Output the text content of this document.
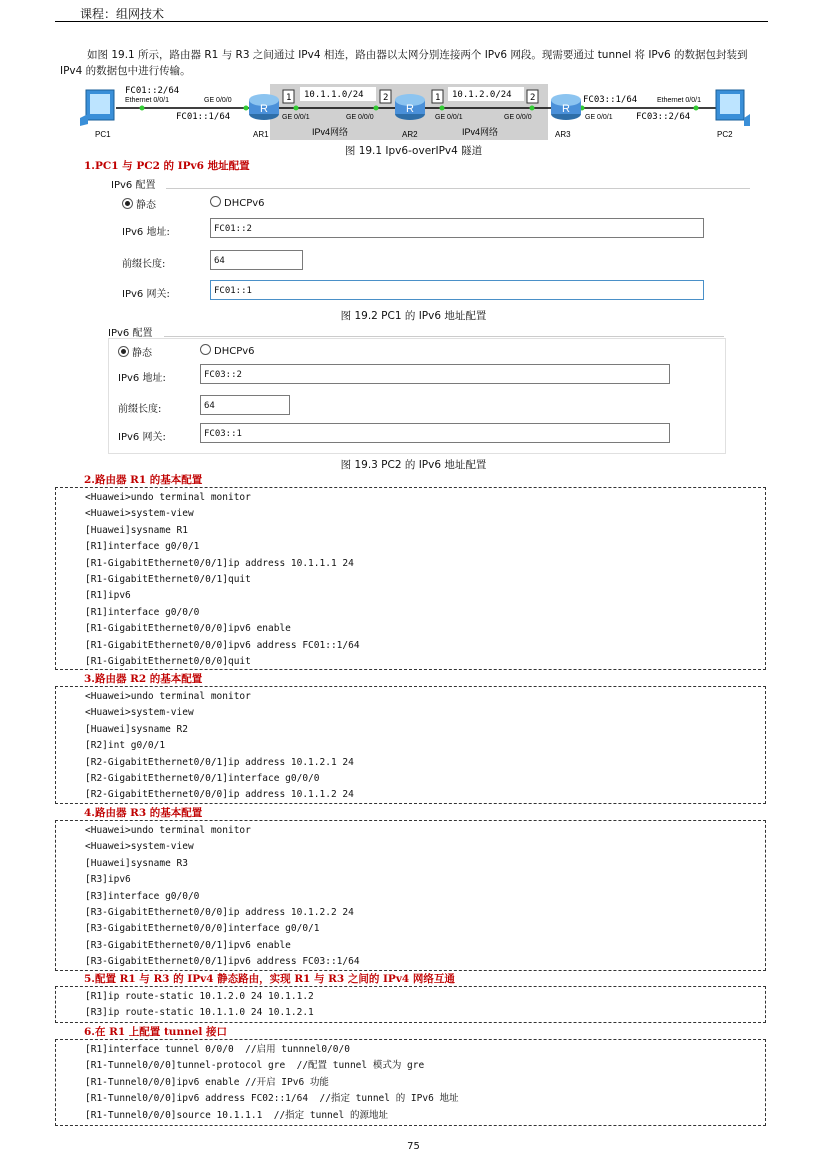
课程：组网技术
如图 19.1 所示，路由器 R1 与 R3 之间通过 IPv4 相连，路由器以太网分别连接两个 IPv6 网段。现需要通过 tunnel 将 IPv6 的数据包封装到 IPv4 的数据包中进行传输。
R	R	R
FC01::2/64
Ethernet 0/0/1	GE 0/0/0
FC01::1/64
PC1	AR1
GE 0/0/1
1 10.1.1.0/24 2
GE 0/0/0
IPv4网络	AR2
GE 0/0/1
1 10.1.2.0/24 2
IPv4网络
GE 0/0/0
AR3
FC03::1/64
GE 0/0/1
Ethernet 0/0/1
FC03::2/64
PC2
图 19.1 Ipv6-overIPv4 隧道
1.PC1 与 PC2 的 IPv6 地址配置
IPv6 配置
静态	DHCPv6
IPv6 地址:	FC01::2
前缀长度:	64
IPv6 网关:	FC01::1
图 19.2 PC1 的 IPv6 地址配置
IPv6 配置
静态	DHCPv6
IPv6 地址:	FC03::2
前缀长度:	64
IPv6 网关:	FC03::1
图 19.3 PC2 的 IPv6 地址配置
2.路由器 R1 的基本配置
<Huawei>undo terminal monitor
<Huawei>system-view
[Huawei]sysname R1
[R1]interface g0/0/1
[R1-GigabitEthernet0/0/1]ip address 10.1.1.1 24
[R1-GigabitEthernet0/0/1]quit
[R1]ipv6
[R1]interface g0/0/0
[R1-GigabitEthernet0/0/0]ipv6 enable
[R1-GigabitEthernet0/0/0]ipv6 address FC01::1/64
[R1-GigabitEthernet0/0/0]quit
3.路由器 R2 的基本配置
<Huawei>undo terminal monitor
<Huawei>system-view
[Huawei]sysname R2
[R2]int g0/0/1
[R2-GigabitEthernet0/0/1]ip address 10.1.2.1 24
[R2-GigabitEthernet0/0/1]interface g0/0/0
[R2-GigabitEthernet0/0/0]ip address 10.1.1.2 24
4.路由器 R3 的基本配置
<Huawei>undo terminal monitor
<Huawei>system-view
[Huawei]sysname R3
[R3]ipv6
[R3]interface g0/0/0
[R3-GigabitEthernet0/0/0]ip address 10.1.2.2 24
[R3-GigabitEthernet0/0/0]interface g0/0/1
[R3-GigabitEthernet0/0/1]ipv6 enable
[R3-GigabitEthernet0/0/1]ipv6 address FC03::1/64
5.配置 R1 与 R3 的 IPv4 静态路由，实现 R1 与 R3 之间的 IPv4 网络互通
[R1]ip route-static 10.1.2.0 24 10.1.1.2
[R3]ip route-static 10.1.1.0 24 10.1.2.1
6.在 R1 上配置 tunnel 接口
[R1]interface tunnel 0/0/0  //启用 tunnnel0/0/0
[R1-Tunnel0/0/0]tunnel-protocol gre  //配置 tunnel 模式为 gre
[R1-Tunnel0/0/0]ipv6 enable //开启 IPv6 功能
[R1-Tunnel0/0/0]ipv6 address FC02::1/64  //指定 tunnel 的 IPv6 地址
[R1-Tunnel0/0/0]source 10.1.1.1  //指定 tunnel 的源地址
75
